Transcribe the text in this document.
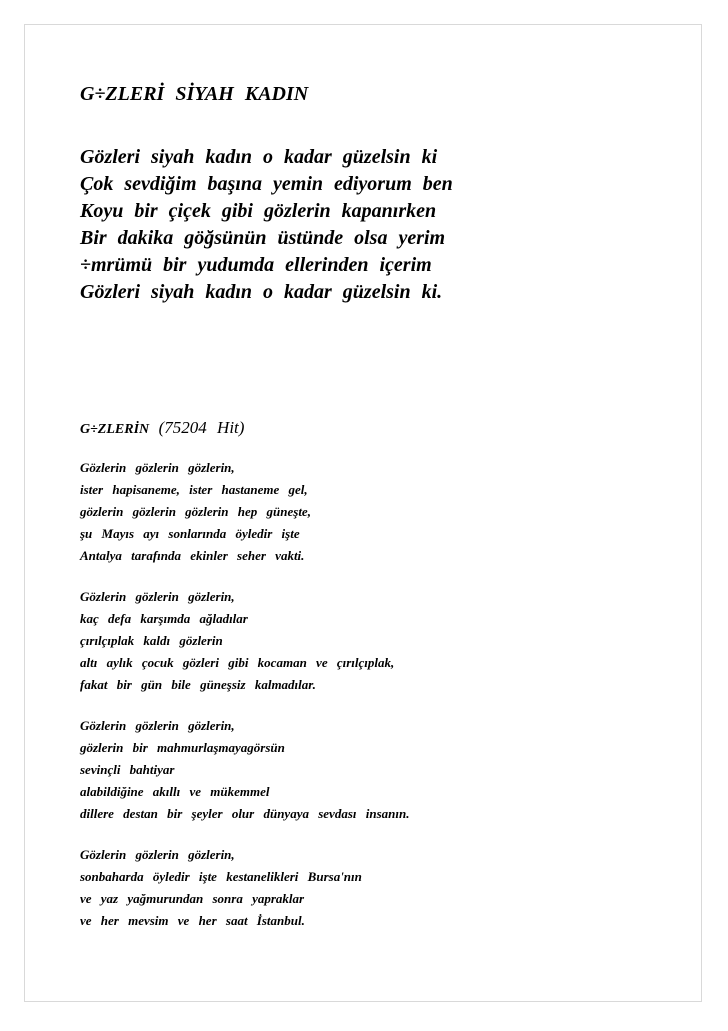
G÷ZLERİ SİYAH KADIN
Gözleri siyah kadın o kadar güzelsin ki
Çok sevdiğim başına yemin ediyorum ben
Koyu bir çiçek gibi gözlerin kapanırken
Bir dakika göğsünün üstünde olsa yerim
÷mrümü bir yudumda ellerinden içerim
Gözleri siyah kadın o kadar güzelsin ki.
G÷ZLERİN (75204 Hit)
Gözlerin gözlerin gözlerin,
ister hapisaneme, ister hastaneme gel,
gözlerin gözlerin gözlerin hep güneşte,
şu Mayıs ayı sonlarında öyledir işte
Antalya tarafında ekinler seher vakti.
Gözlerin gözlerin gözlerin,
kaç defa karşımda ağladılar
çırılçıplak kaldı gözlerin
altı aylık çocuk gözleri gibi kocaman ve çırılçıplak,
fakat bir gün bile güneşsiz kalmadılar.
Gözlerin gözlerin gözlerin,
gözlerin bir mahmurlaşmayagörsün
sevinçli bahtiyar
alabildiğine akıllı ve mükemmel
dillere destan bir şeyler olur dünyaya sevdası insanın.
Gözlerin gözlerin gözlerin,
sonbaharda öyledir işte kestanelikleri Bursa'nın
ve yaz yağmurundan sonra yapraklar
ve her mevsim ve her saat İstanbul.
